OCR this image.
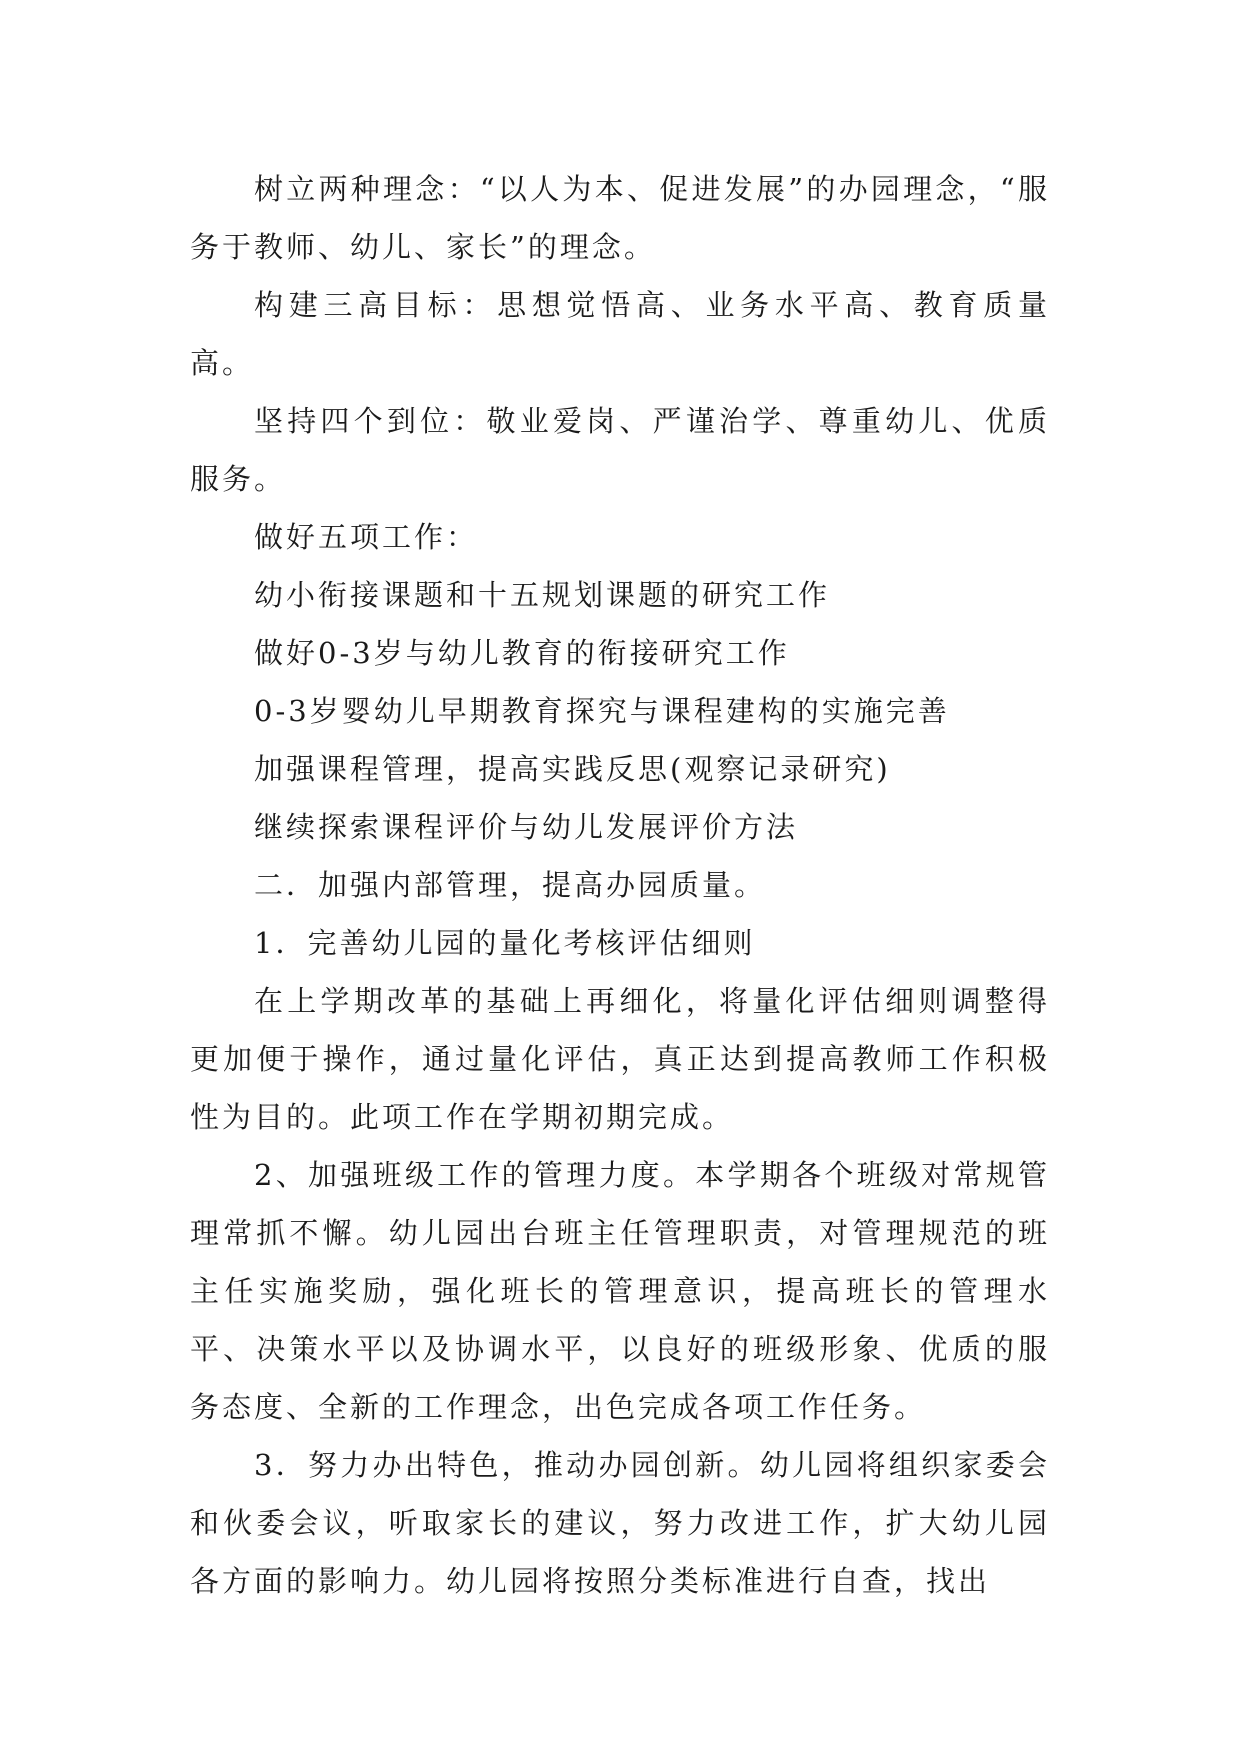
树立两种理念：“以人为本、促进发展”的办园理念，“服务于教师、幼儿、家长”的理念。

构建三高目标：思想觉悟高、业务水平高、教育质量高。

坚持四个到位：敬业爱岗、严谨治学、尊重幼儿、优质服务。

做好五项工作：

幼小衔接课题和十五规划课题的研究工作

做好0-3岁与幼儿教育的衔接研究工作

0-3岁婴幼儿早期教育探究与课程建构的实施完善

加强课程管理，提高实践反思(观察记录研究)

继续探索课程评价与幼儿发展评价方法

二．加强内部管理，提高办园质量。

1．完善幼儿园的量化考核评估细则

在上学期改革的基础上再细化，将量化评估细则调整得更加便于操作，通过量化评估，真正达到提高教师工作积极性为目的。此项工作在学期初期完成。

2、加强班级工作的管理力度。本学期各个班级对常规管理常抓不懈。幼儿园出台班主任管理职责，对管理规范的班主任实施奖励，强化班长的管理意识，提高班长的管理水平、决策水平以及协调水平，以良好的班级形象、优质的服务态度、全新的工作理念，出色完成各项工作任务。

3．努力办出特色，推动办园创新。幼儿园将组织家委会和伙委会议，听取家长的建议，努力改进工作，扩大幼儿园各方面的影响力。幼儿园将按照分类标准进行自查，找出
